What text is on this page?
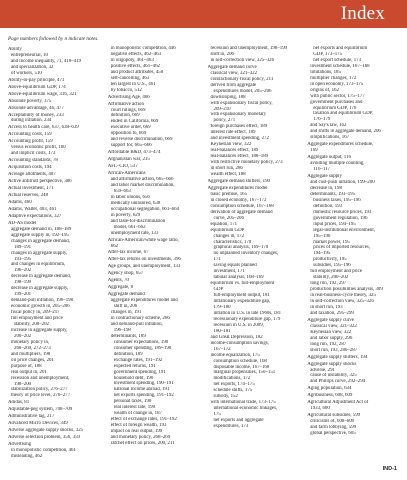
Index
Page numbers followed by n indicate notes.
Ability
entrepreneurial, 10
and income inequality, 71, 418–419
and specialization, 32
of workers, 510
Ability-to-pay principle, 471
Above-equilibrium GDP, 174
Above-equilibrium wage, 316, 321
Absolute poverty, 375
Absolute advantage, 46, 477
Acceptability of money, 233
during inflation, 234
Access to health care, 637, 638–639
Accounting costs, 159
Accounting profit, 159
versus economic profit, 160
and implicit costs, 173
Accounting standards, 78
Acquisition costs, 194
Acreage allotments, 407
Active antitrust perspective, 386
Actual investment, 171
Actual reserves, 248
Adams, 460
Adams, Walter, 403, 461
Adaptive expectations, 327
AD-AS model
aggregate demand in, 188–189
aggregate supply in, 192–195
changes in aggregate demand,
189–191
changes in aggregate supply,
193–195
and changes in equilibrium,
196–202
decrease in aggregate demand,
198–199
decrease in aggregate supply,
199–201
demand-pull inflation, 196–198
economic growth in, 205–206
fiscal policy in, 209–217
full employment and price
stability, 200–202
increase in aggregate supply,
200–202
monetary policy in,
268–269, 272–273
and multipliers, 198
oil price changes, 201
purpose of, 188
real output in, 201
recession and unemployment,
198–200
stabilization policy, 276–277
theory of price level, 276–277
Adidas, 81
Adjustable-peg system, 708–709
Administrative lag, 217
Advanced Micro Devices, 349
Adverse aggregate supply shocks, 325
Adverse selection problem, 356, 359
Advertising
in monopolistic competition, 461
misleading, 462
in monopolistic competition, 446
negative effects, 462–463
in oligopoly, 461–463
positive effects, 461–462
and product attributes, 450
self-cancelling, 463
ten largest in U.S., 461
by tobacco, 512
Advertising Age, 466
Affirmative action
court rulings, 669
definition, 669
ended in California, 669
executive order, 669
opposition to, 669
and reverse discrimination, 669
support for, 665–666
Affordable B&D, 473–474
Afghanistan war, 215
AFL–CIO, 537
African-Americans
and affirmative action, 665–666
and labor market discrimination,
659–663
in labor unions, 656
medically uninsured, 638
occupational segregation, 661–664
in poverty, 629
and taste-for-discrimination
model, 661–662
unemployment rate, 133
African-American/white wage ratio,
662
After-tax income, 67
After-tax returns on investments, 396
Age groups, and unemployment, 133
Agency shop, 657
Agents, 70
Aggregate, 8
Aggregate demand
aggregate expenditures model and
shift in, 206
changes in, 191
in contractionary scheme, 266
and demand-pull inflation,
196–198
determinants, 189
consumer expectations, 190
consumer spending, 189–190
definition, 189
exchange rates, 191–192
expected returns, 191
government spending, 191
household debt, 190
investment spending, 190–191
national income abroad, 191
net exports spending, 191–192
personal taxes, 190
real interest rate, 190
wealth of change in, 187
effect of exchange rates, 191–192
effect of foreign wealth, 193
impact on real output, 199
and monetary policy, 268–269
ratchet effect on prices, 200, 211
recession and unemployment, 198–199
shift in, 206
in self-correction view, 325–326
Aggregate demand curve
classical view, 321–322
contractionary fiscal policy, 211
derived from aggregate
expenditures model, 205–206
downsloping, 188
with expansionary fiscal policy,
209–210
with expansionary monetary
policy, 271
foreign purchases effect, 189
interest rate effect, 189
and investment spending, 272
Keynesian view, 322
real-balances effect, 189
real-balances effect, 188–189
with restrictive monetary policy, 273
in short run, 286
wealth effect, 188
Aggregate demand shifters, 190
Aggregate expenditures model
basic premise, 165
in closed economy, 167–172
consumption schedule, 167–168
derivation of aggregate demand
curve, 205–206
equation, 171
equilibrium GDP
changes in, 172
characteristics, 170
graphical analysis, 169–170
no unplanned inventory changes,
171
saving equals planned
investment, 171
tabular analysis, 168–169
equilibrium vs. full-employment
GDP
full-employment output, 181
inflationary expenditure gap,
179–180
inflation in U.S. in late 1960s, 181
recessionary expenditure gap, 179
recession in U.S. in 2009,
180–181
and Great Depression, 182
income-consumption savings,
167–172
income equalization, 175
consumption schedule, 168
disposable income, 167–168
marginal propensities, 150–151
modifications, 172
net exports, 174–175
schedule shifts, 175
subsidy, 152
with international trade, 173–175
international economic linkages,
175
net exports and aggregate
expenditures, 173
net exports and equilibrium
GDP, 173–175
net export schedule, 173
investment schedule, 167–168
limitations, 185
multiplier changes, 172
in open economy, 173–175
origins of, 162
with public sector, 175–177
government purchases and
equilibrium GDP, 176
taxation and equilibrium GDP,
176–179
and Say's law, 162
and shifts in aggregate demand, 206
simplifications, 167
Aggregate expenditures schedule,
169
Aggregate output, 116
avoiding multiple counting,
116–117
Aggregate supply
and cost-push inflation, 199–200
decrease in, 198
determinants, 193–195
business taxes, 195–196
definition, 193
domestic resource prices, 193
government regulation, 196
input prices, 194–195
legal-institutional environment,
195–196
market power, 195
prices of imported resources,
194–195
productivity, 195
subsidies, 195–196
full employment and price
stability, 200–202
long run, 192, 297
production possibilities analysis, 309
in real-business-cycle theory, 325
in self-correction view, 325–326
in short run, 193
and taxation, 295–299
Aggregate supply curve
classical view, 321–322
Keynesian view, 322
and labor supply, 296
long run, 192, 287
short run, 193, 286–287
Aggregate supply shifters, 194
Aggregate supply shocks
adverse, 291
cause of instability, 325
and Phillips curve, 292–294
Aging population, 634
Agribusiness, 608, 609
Agricultural Adjustment Act of
1933, 600
Agricultural subsidies, 599
criticisms of, 608–609
and farm lobbying, 599
global perspective, 605
IND-1
